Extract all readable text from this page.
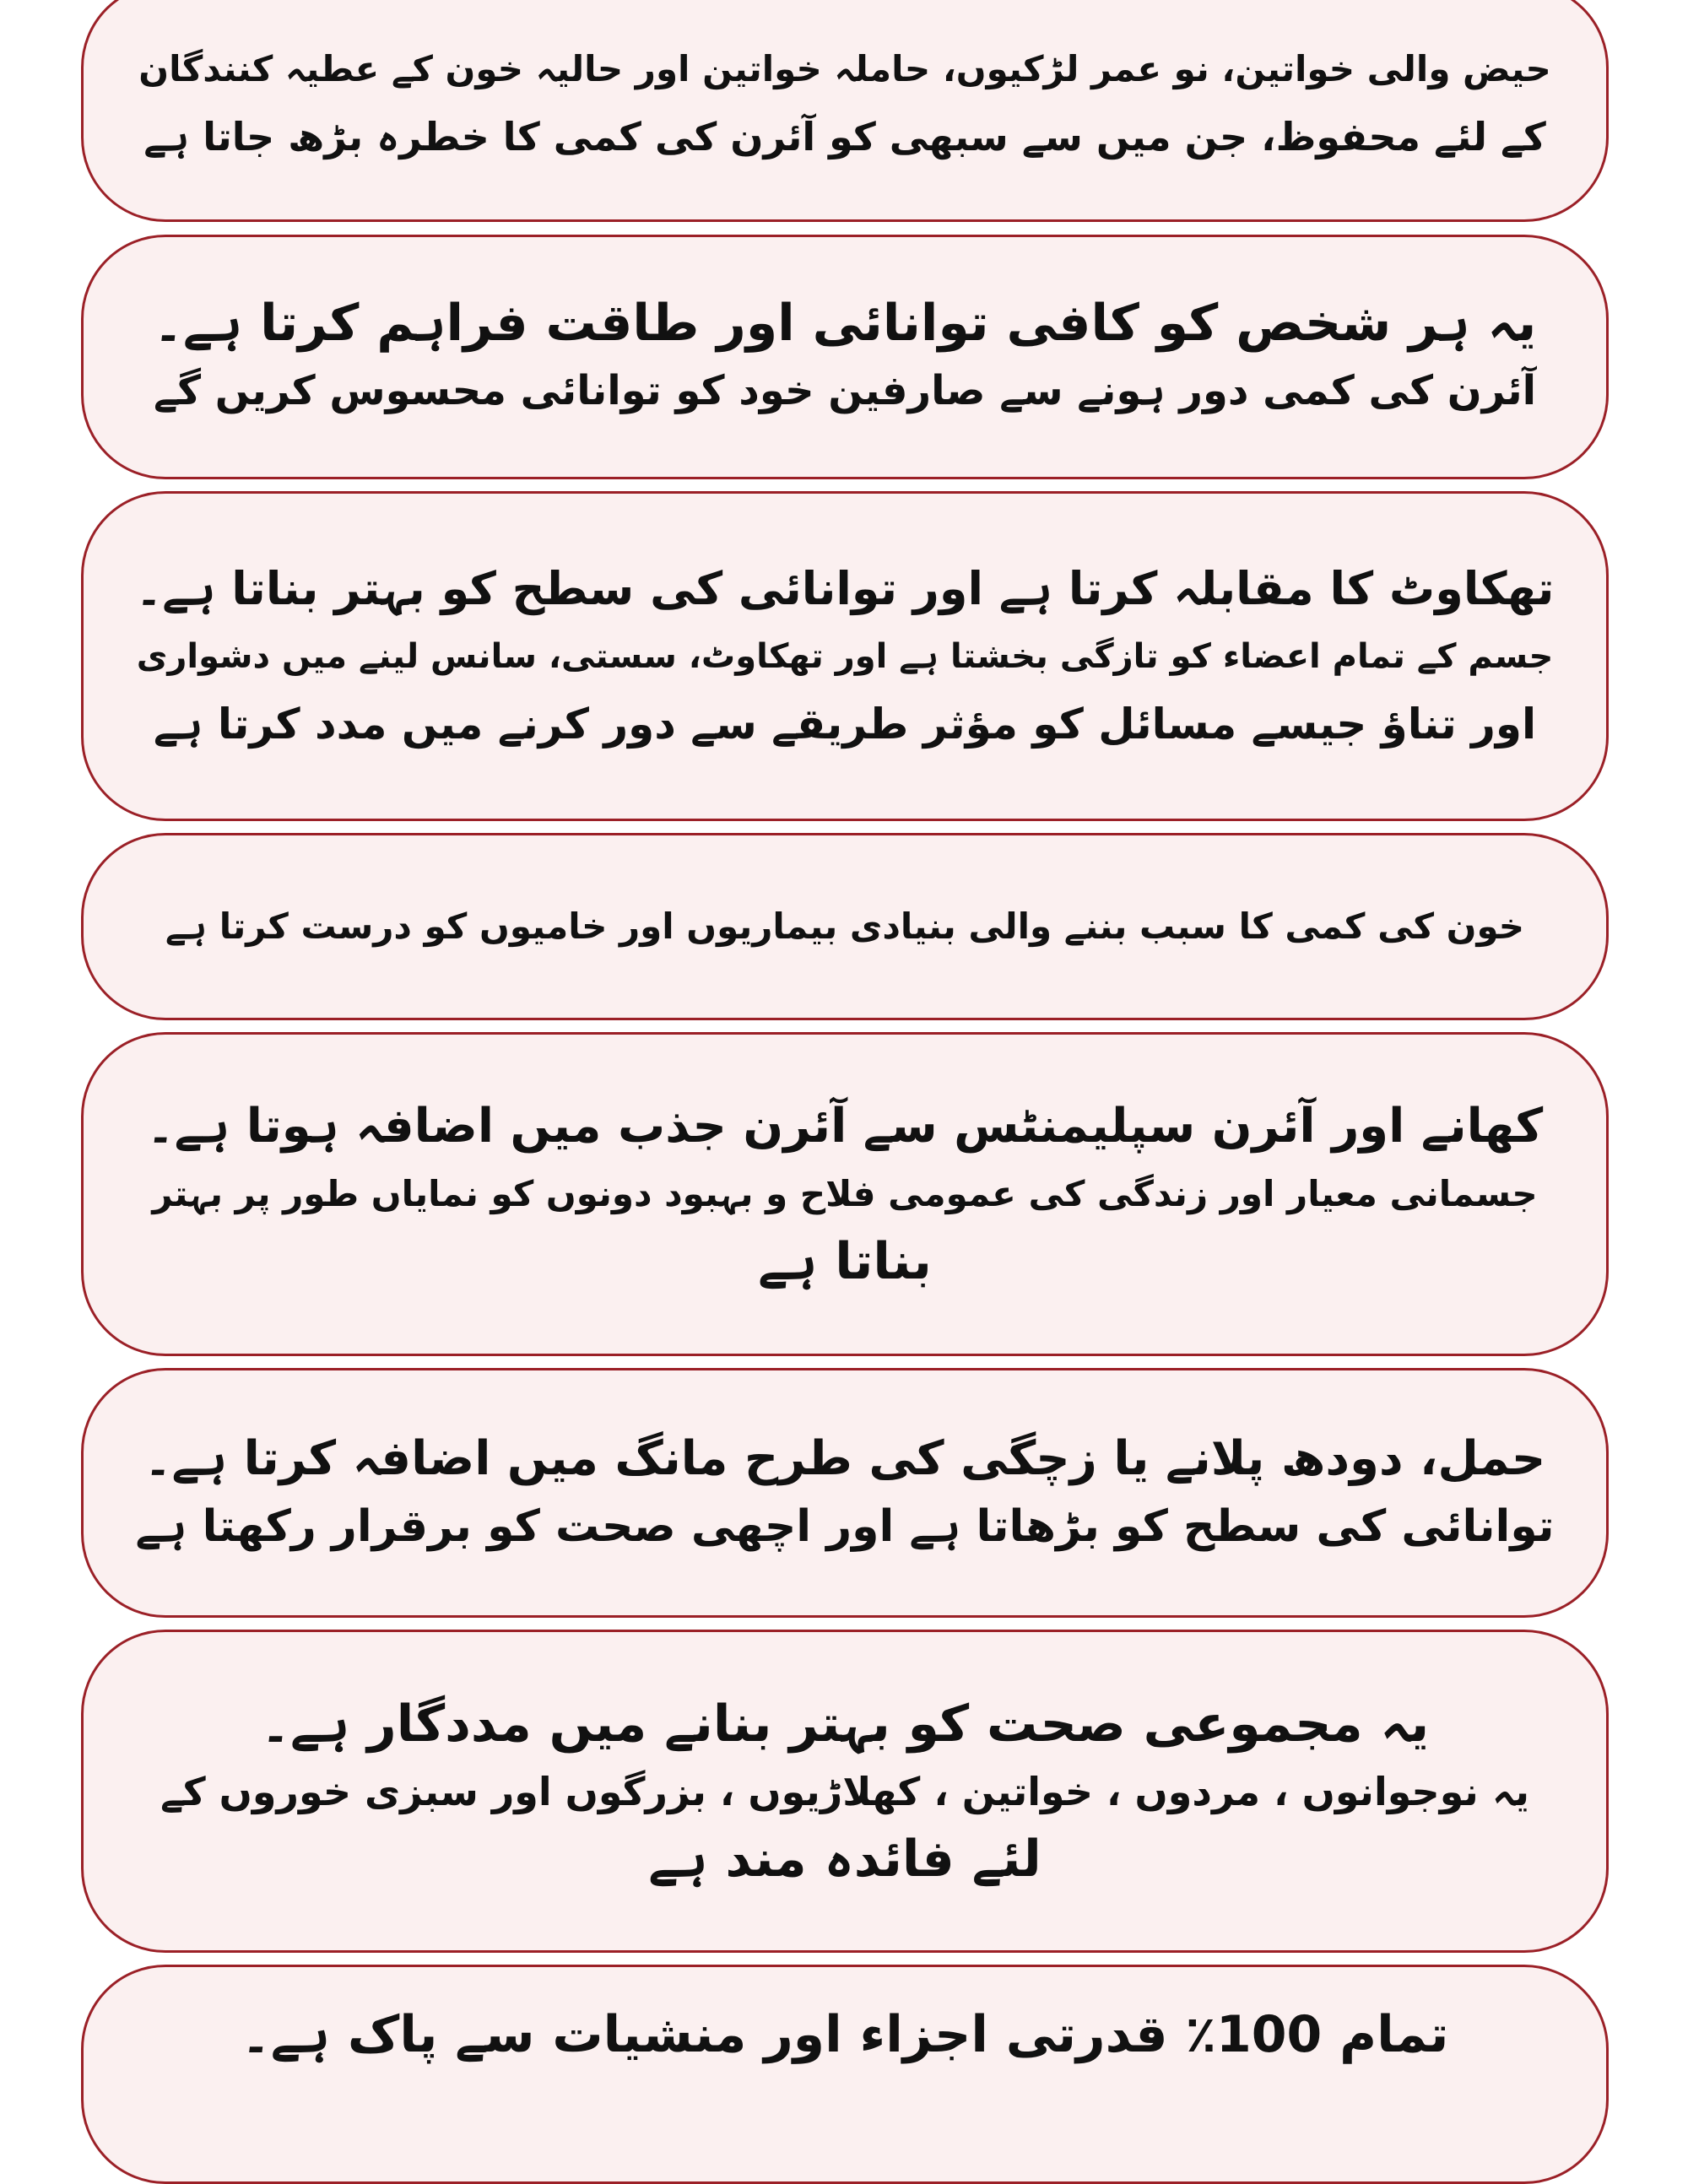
حیض والی خواتین، نو عمر لڑکیوں، حاملہ خواتین اور حالیہ خون کے عطیہ کنندگان
کے لئے محفوظ، جن میں سے سبھی کو آئرن کی کمی کا خطرہ بڑھ جاتا ہے
یہ ہر شخص کو کافی توانائی اور طاقت فراہم کرتا ہے۔
آئرن کی کمی دور ہونے سے صارفین خود کو توانائی محسوس کریں گے
تھکاوٹ کا مقابلہ کرتا ہے اور توانائی کی سطح کو بہتر بناتا ہے۔
جسم کے تمام اعضاء کو تازگی بخشتا ہے اور تھکاوٹ، سستی، سانس لینے میں دشواری
اور تناؤ جیسے مسائل کو مؤثر طریقے سے دور کرنے میں مدد کرتا ہے
خون کی کمی کا سبب بننے والی بنیادی بیماریوں اور خامیوں کو درست کرتا ہے
کھانے اور آئرن سپلیمنٹس سے آئرن جذب میں اضافہ ہوتا ہے۔
جسمانی معیار اور زندگی کی عمومی فلاح و بہبود دونوں کو نمایاں طور پر بہتر
بناتا ہے
حمل، دودھ پلانے یا زچگی کی طرح مانگ میں اضافہ کرتا ہے۔
توانائی کی سطح کو بڑھاتا ہے اور اچھی صحت کو برقرار رکھتا ہے
یہ مجموعی صحت کو بہتر بنانے میں مددگار ہے۔
یہ نوجوانوں ، مردوں ، خواتین ، کھلاڑیوں ، بزرگوں اور سبزی خوروں کے
لئے فائدہ مند ہے
تمام 100٪ قدرتی اجزاء اور منشیات سے پاک ہے۔
